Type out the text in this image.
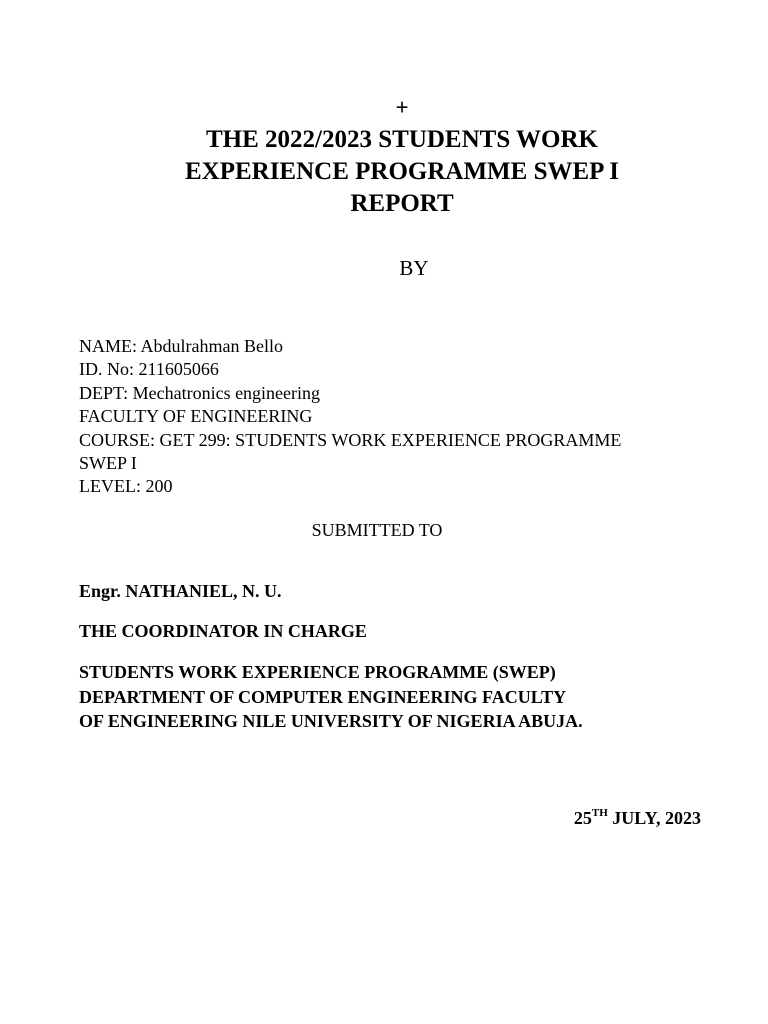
+
THE 2022/2023 STUDENTS WORK
EXPERIENCE PROGRAMME SWEP I
REPORT
BY
NAME: Abdulrahman Bello
ID. No: 211605066
DEPT: Mechatronics engineering
FACULTY OF ENGINEERING
COURSE: GET 299: STUDENTS WORK EXPERIENCE PROGRAMME
SWEP I
LEVEL: 200
SUBMITTED TO
Engr. NATHANIEL, N. U.
THE COORDINATOR IN CHARGE
STUDENTS WORK EXPERIENCE PROGRAMME (SWEP)
DEPARTMENT OF COMPUTER ENGINEERING FACULTY
OF ENGINEERING NILE UNIVERSITY OF NIGERIA ABUJA.
25TH JULY, 2023
